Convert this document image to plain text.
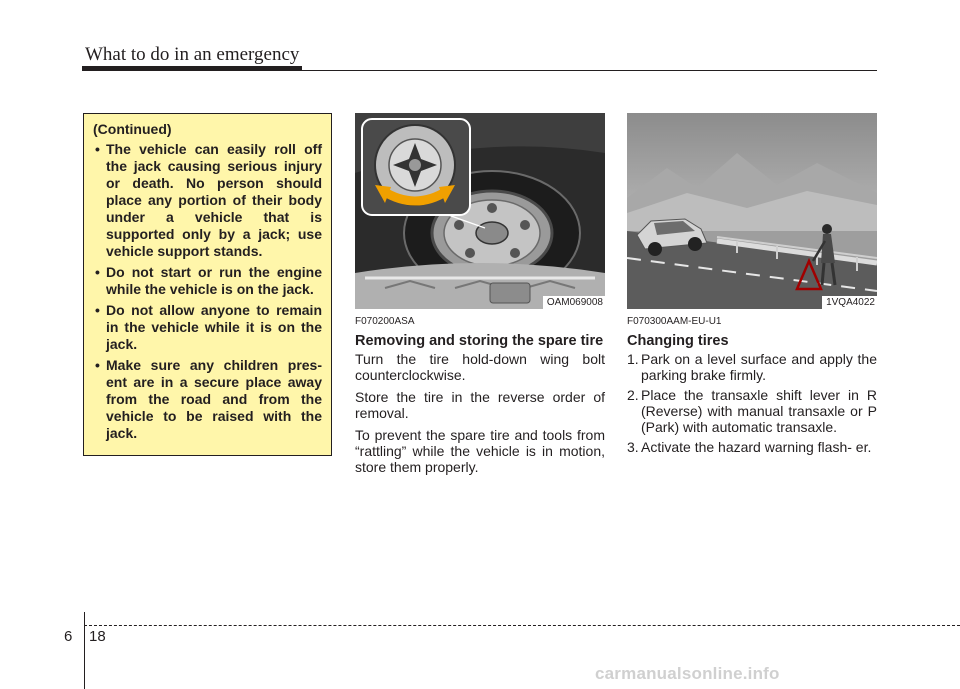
What to do in an emergency
(Continued)
• The vehicle can easily roll off the jack causing serious injury or death. No person should place any portion of their body under a vehicle that is supported only by a jack; use vehicle support stands.
• Do not start or run the engine while the vehicle is on the jack.
• Do not allow anyone to remain in the vehicle while it is on the jack.
• Make sure any children pres- ent are in a secure place away from the road and from the vehicle to be raised with the jack.
OAM069008	1VQA4022
F070200ASA
Removing and storing the spare tire

Turn the tire hold-down wing bolt counterclockwise.

Store the tire in the reverse order of removal.

To prevent the spare tire and tools from “rattling” while the vehicle is in motion, store them properly.

F070300AAM-EU-U1
Changing tires
1. Park on a level surface and apply the parking brake firmly.
2. Place the transaxle shift lever in R (Reverse) with manual transaxle or P (Park) with automatic transaxle.
3. Activate the hazard warning flash- er.
6 18
carmanualsonline.info
